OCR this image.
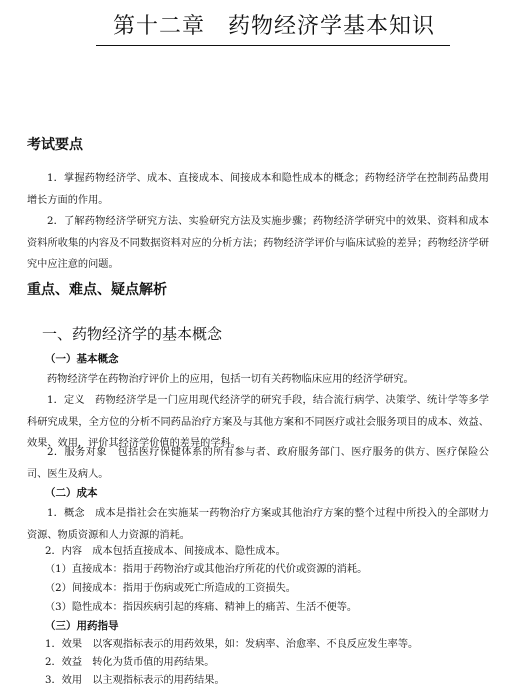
第十二章　药物经济学基本知识
考试要点

1．掌握药物经济学、成本、直接成本、间接成本和隐性成本的概念；药物经济学在控制药品费用增长方面的作用。

2．了解药物经济学研究方法、实验研究方法及实施步骤；药物经济学研究中的效果、资料和成本资料所收集的内容及不同数据资料对应的分析方法；药物经济学评价与临床试验的差异；药物经济学研究中应注意的问题。

重点、难点、疑点解析
一、药物经济学的基本概念
（一）基本概念

药物经济学在药物治疗评价上的应用，包括一切有关药物临床应用的经济学研究。

1．定义　药物经济学是一门应用现代经济学的研究手段，结合流行病学、决策学、统计学等多学科研究成果，全方位的分析不同药品治疗方案及与其他方案和不同医疗或社会服务项目的成本、效益、效果、效用，评价其经济学价值的差异的学科。

2．服务对象　包括医疗保健体系的所有参与者、政府服务部门、医疗服务的供方、医疗保险公司、医生及病人。

（二）成本

1．概念　成本是指社会在实施某一药物治疗方案或其他治疗方案的整个过程中所投入的全部财力资源、物质资源和人力资源的消耗。

2．内容　成本包括直接成本、间接成本、隐性成本。

（1）直接成本：指用于药物治疗或其他治疗所花的代价或资源的消耗。

（2）间接成本：指用于伤病或死亡所造成的工资损失。

（3）隐性成本：指因疾病引起的疼痛、精神上的痛苦、生活不便等。

（三）用药指导

1．效果　以客观指标表示的用药效果，如：发病率、治愈率、不良反应发生率等。

2．效益　转化为货币值的用药结果。

3．效用　以主观指标表示的用药结果。
